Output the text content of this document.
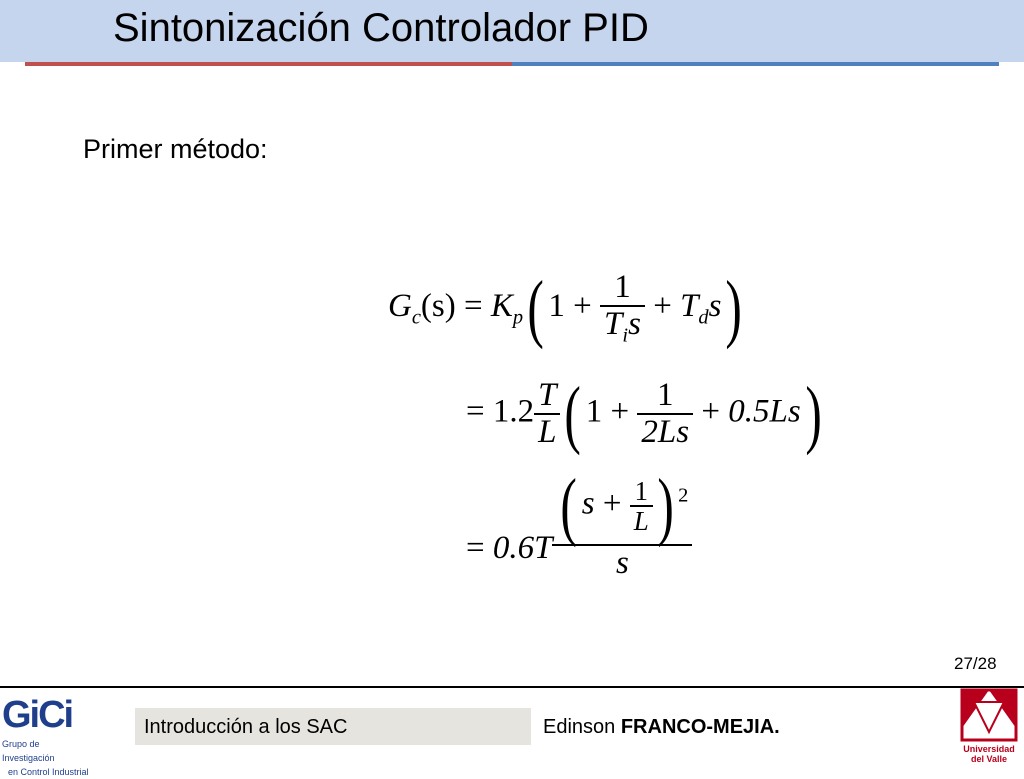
Sintonización Controlador PID
Primer método:
$G_c(s) = K_p$( $1 + \frac{1}{T_is} + T_ds$)
= $1.2 \frac{T}{L}$ ( $1 + \frac{1}{2Ls} + 0.5Ls$)
= $0.6T \frac{( s + \frac{1}{L} ) ^2}{s}$
27/28
GiCi
Grupo de Investigación
en Control Industrial
Introducción a los SAC	Edinson FRANCO-MEJIA.
Universidad
del Valle
